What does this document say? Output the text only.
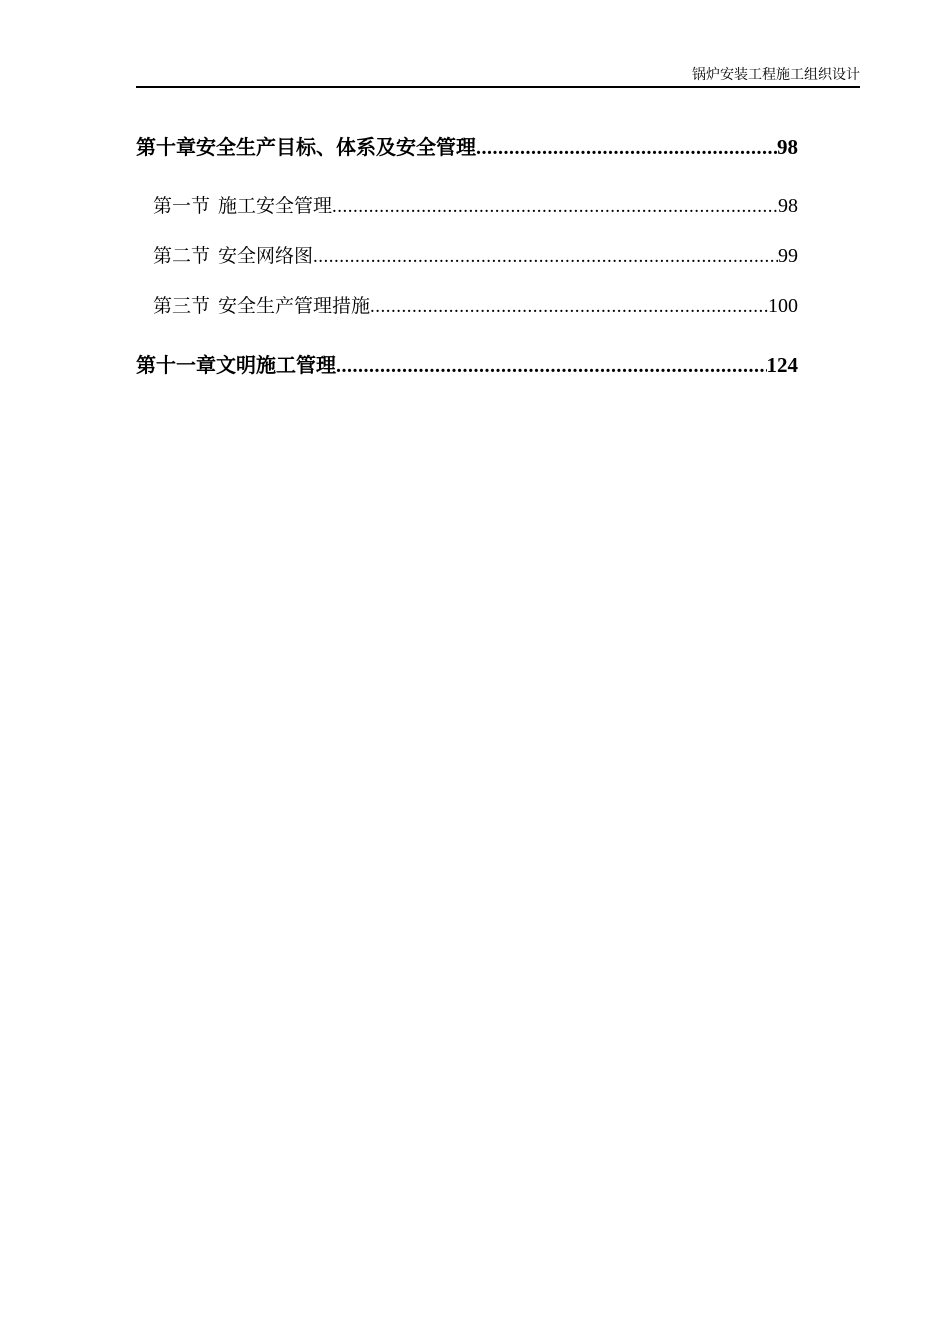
锅炉安装工程施工组织设计
第十章 安全生产目标、体系及安全管理 .....	98
第一节 施工安全管理 .....	98
第二节 安全网络图 .....	99
第三节 安全生产管理措施 .....	100
第十一章 文明施工管理 .....	124
